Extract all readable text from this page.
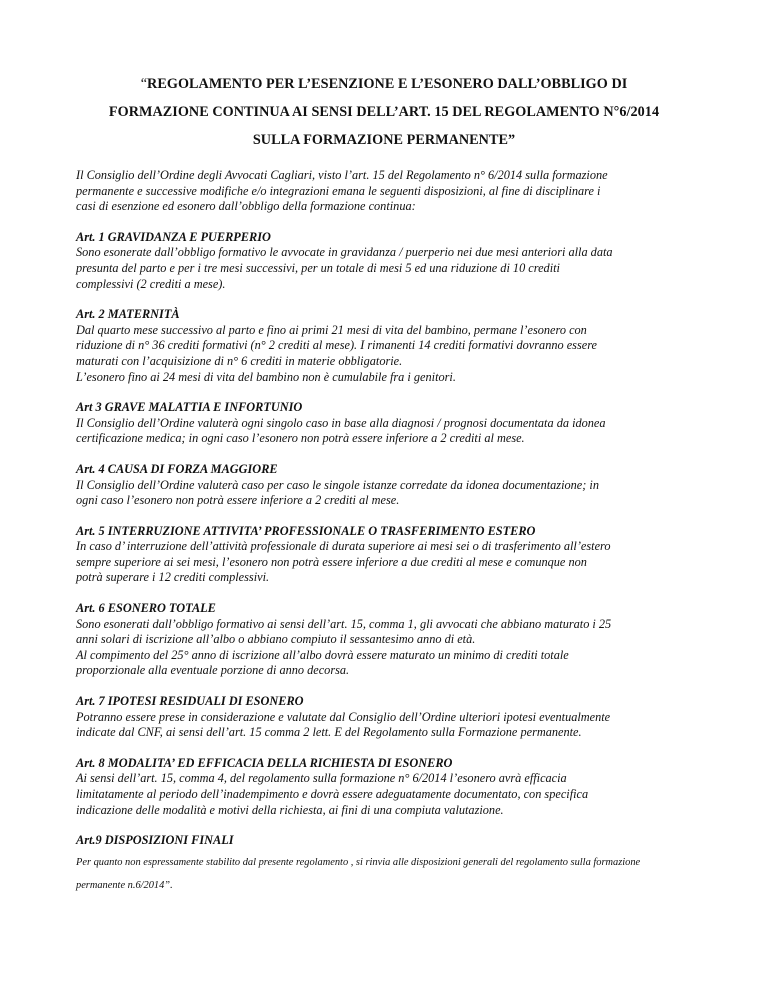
“REGOLAMENTO PER L’ESENZIONE E L’ESONERO DALL’OBBLIGO DI
FORMAZIONE CONTINUA AI SENSI DELL’ART. 15 DEL REGOLAMENTO N°6/2014
SULLA FORMAZIONE PERMANENTE”

Il Consiglio dell’Ordine degli Avvocati Cagliari, visto l’art. 15 del Regolamento n° 6/2014 sulla formazione
permanente e successive modifiche e/o integrazioni emana le seguenti disposizioni, al fine di disciplinare i
casi di esenzione ed esonero dall’obbligo della formazione continua:

Art. 1 GRAVIDANZA E PUERPERIO

Sono esonerate dall’obbligo formativo le avvocate in gravidanza / puerperio nei due mesi anteriori alla data
presunta del parto e per i tre mesi successivi, per un totale di mesi 5 ed una riduzione di 10 crediti
complessivi (2 crediti a mese).

Art. 2 MATERNITÀ

Dal quarto mese successivo al parto e fino ai primi 21 mesi di vita del bambino, permane l’esonero con
riduzione di n° 36 crediti formativi (n° 2 crediti al mese). I rimanenti 14 crediti formativi dovranno essere
maturati con l’acquisizione di n° 6 crediti in materie obbligatorie.
L’esonero fino ai 24 mesi di vita del bambino non è cumulabile fra i genitori.

Art 3 GRAVE MALATTIA E INFORTUNIO

Il Consiglio dell’Ordine valuterà ogni singolo caso in base alla diagnosi / prognosi documentata da idonea
certificazione medica; in ogni caso l’esonero non potrà essere inferiore a 2 crediti al mese.

Art. 4 CAUSA DI FORZA MAGGIORE

Il Consiglio dell’Ordine valuterà caso per caso le singole istanze corredate da idonea documentazione; in
ogni caso l’esonero non potrà essere inferiore a 2 crediti al mese.

Art. 5 INTERRUZIONE ATTIVITA’ PROFESSIONALE O TRASFERIMENTO ESTERO

In caso d’ interruzione dell’attività professionale di durata superiore ai mesi sei o di trasferimento all’estero
sempre superiore ai sei mesi, l’esonero non potrà essere inferiore a due crediti al mese e comunque non
potrà superare i 12 crediti complessivi.

Art. 6 ESONERO TOTALE

Sono esonerati dall’obbligo formativo ai sensi dell’art. 15, comma 1, gli avvocati che abbiano maturato i 25
anni solari di iscrizione all’albo o abbiano compiuto il sessantesimo anno di età.
Al compimento del 25° anno di iscrizione all’albo dovrà essere maturato un minimo di crediti totale
proporzionale alla eventuale porzione di anno decorsa.

Art. 7 IPOTESI RESIDUALI DI ESONERO

Potranno essere prese in considerazione e valutate dal Consiglio dell’Ordine ulteriori ipotesi eventualmente
indicate dal CNF, ai sensi dell’art. 15 comma 2 lett. E del Regolamento sulla Formazione permanente.

Art. 8 MODALITA’ ED EFFICACIA DELLA RICHIESTA DI ESONERO

Ai sensi dell’art. 15, comma 4, del regolamento sulla formazione n° 6/2014 l’esonero avrà efficacia
limitatamente al periodo dell’inadempimento e dovrà essere adeguatamente documentato, con specifica
indicazione delle modalità e motivi della richiesta, ai fini di una compiuta valutazione.

Art.9 DISPOSIZIONI FINALI

Per quanto non espressamente stabilito dal presente regolamento , si rinvia alle disposizioni generali del regolamento sulla formazione
permanente n.6/2014”.
